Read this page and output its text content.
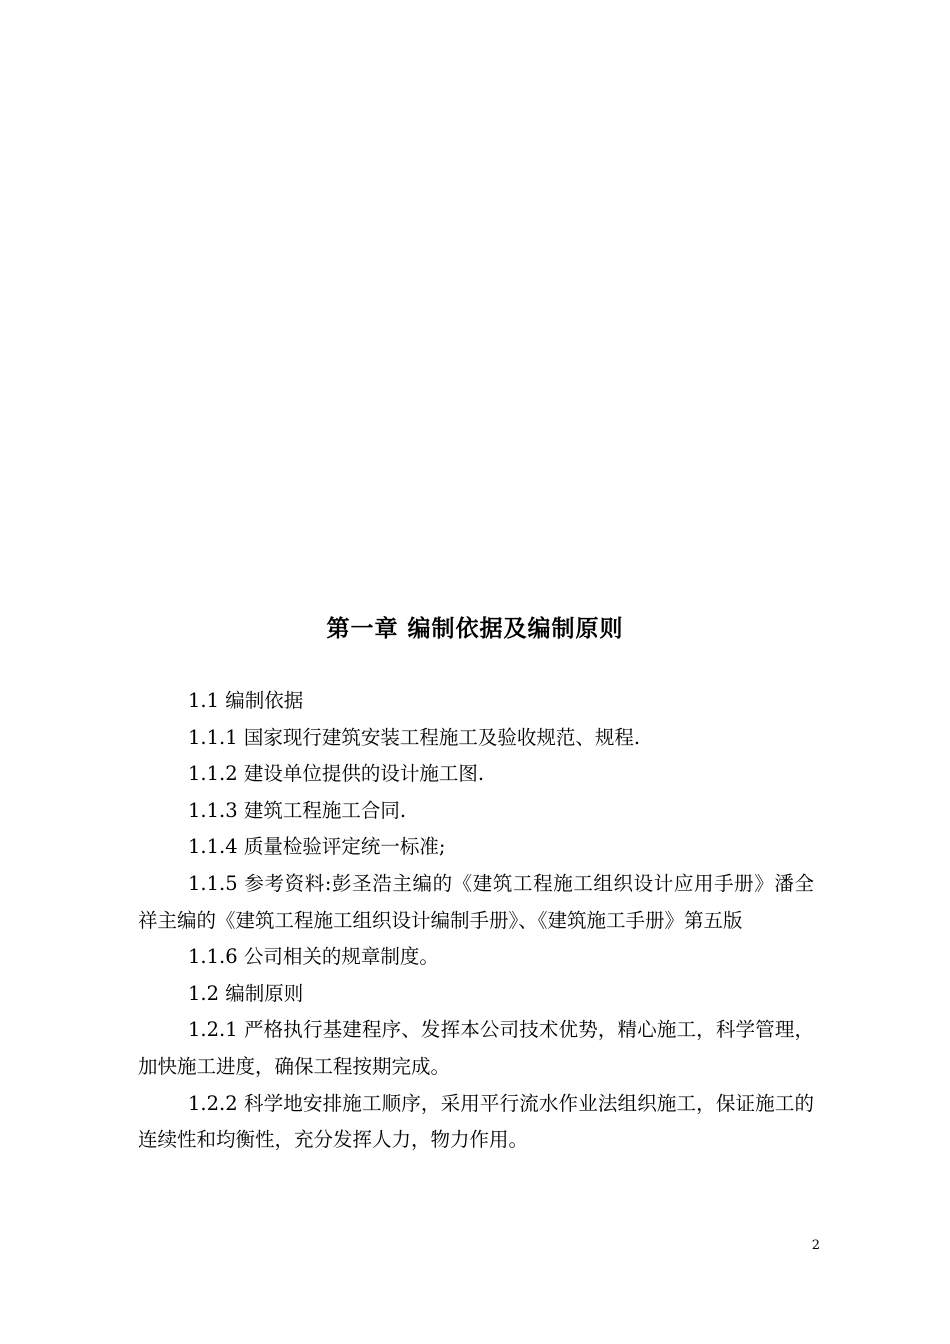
第一章 编制依据及编制原则

1.1 编制依据

1.1.1 国家现行建筑安装工程施工及验收规范、规程.

1.1.2 建设单位提供的设计施工图.

1.1.3 建筑工程施工合同.

1.1.4 质量检验评定统一标准;

1.1.5 参考资料:彭圣浩主编的《建筑工程施工组织设计应用手册》潘全祥主编的《建筑工程施工组织设计编制手册》、《建筑施工手册》第五版

1.1.6 公司相关的规章制度。

1.2 编制原则

1.2.1 严格执行基建程序、发挥本公司技术优势，精心施工，科学管理，加快施工进度，确保工程按期完成。

1.2.2 科学地安排施工顺序，采用平行流水作业法组织施工，保证施工的连续性和均衡性，充分发挥人力，物力作用。

2
